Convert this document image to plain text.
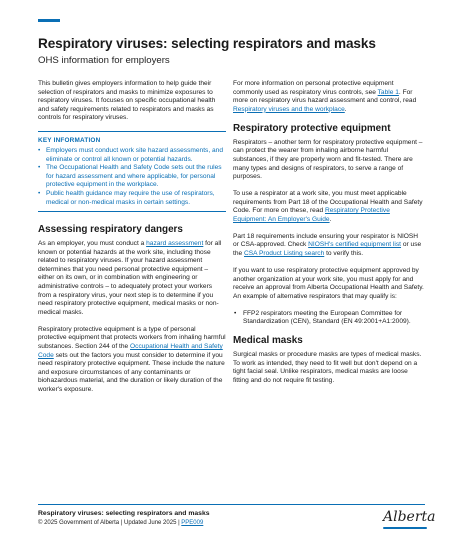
Respiratory viruses: selecting respirators and masks
OHS information for employers

This bulletin gives employers information to help guide their selection of respirators and masks to minimize exposures to respiratory viruses. It focuses on specific occupational health and safety requirements related to respirators and masks as controls for respiratory viruses.

KEY INFORMATION
• Employers must conduct work site hazard assessments, and eliminate or control all known or potential hazards.
• The Occupational Health and Safety Code sets out the rules for hazard assessment and where applicable, for personal protective equipment in the workplace.
• Public health guidance may require the use of respirators, medical or non-medical masks in certain settings.
Assessing respiratory dangers

As an employer, you must conduct a hazard assessment for all known or potential hazards at the work site, including those related to respiratory viruses. If your hazard assessment determines that you need personal protective equipment – either on its own, or in combination with engineering or administrative controls – to adequately protect your workers from a respiratory virus, your next step is to determine if you need respiratory protective equipment, medical masks or non-medical masks.

Respiratory protective equipment is a type of personal protective equipment that protects workers from inhaling harmful substances. Section 244 of the Occupational Health and Safety Code sets out the factors you must consider to determine if you need respiratory protective equipment. These include the nature and exposure circumstances of any contaminants or biohazardous material, and the duration or likely duration of the worker's exposure.

For more information on personal protective equipment commonly used as respiratory virus controls, see Table 1. For more on respiratory virus hazard assessment and control, read Respiratory viruses and the workplace.

Respiratory protective equipment

Respirators – another term for respiratory protective equipment – can protect the wearer from inhaling airborne harmful substances, if they are properly worn and fit-tested. There are many types and designs of respirators, to serve a range of purposes.

To use a respirator at a work site, you must meet applicable requirements from Part 18 of the Occupational Health and Safety Code. For more on these, read Respiratory Protective Equipment: An Employer's Guide.

Part 18 requirements include ensuring your respirator is NIOSH or CSA-approved. Check NIOSH's certified equipment list or use the CSA Product Listing search to verify this.

If you want to use respiratory protective equipment approved by another organization at your work site, you must apply for and receive an approval from Alberta Occupational Health and Safety. An example of alternative respirators that may qualify is:

• FFP2 respirators meeting the European Committee for Standardization (CEN), Standard (EN 49:2001+A1:2009).
Medical masks

Surgical masks or procedure masks are types of medical masks. To work as intended, they need to fit well but don't depend on a tight facial seal. Unlike respirators, medical masks are loose fitting and do not require fit testing.

Respiratory viruses: selecting respirators and masks
© 2025 Government of Alberta | Updated June 2025 | PPE009	Alberta
